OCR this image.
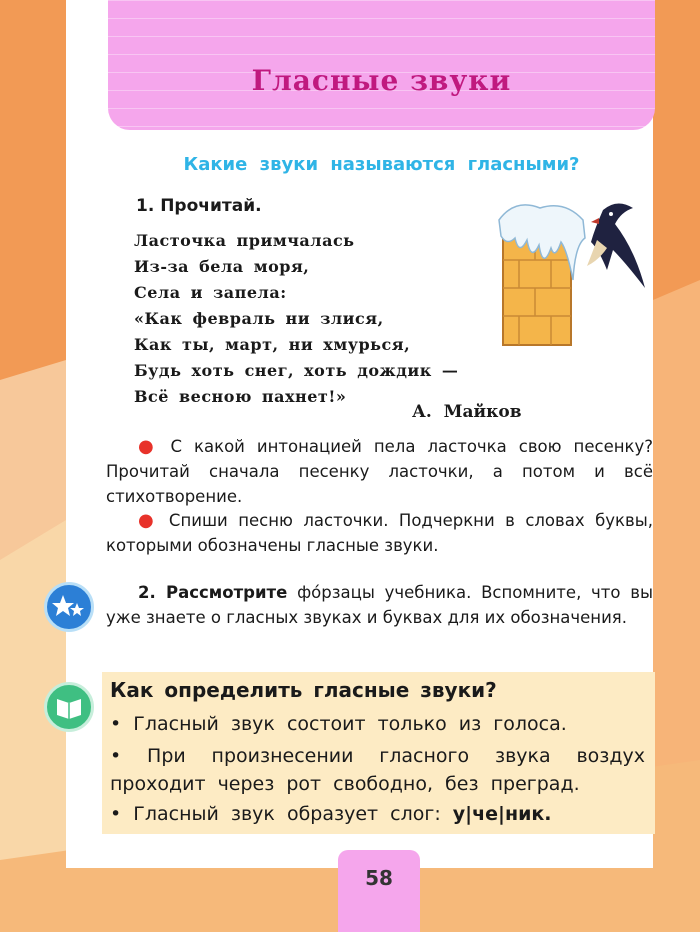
Гласные звуки
Какие звуки называются гласными?
1. Прочитай.
Ласточка примчалась
Из-за бела моря,
Села и запела:
«Как февраль ни злися,
Как ты, март, ни хмурься,
Будь хоть снег, хоть дождик —
Всё весною пахнет!»
А. Майков
● С какой интонацией пела ласточка свою песенку? Прочитай сначала песенку ласточки, а потом и всё стихотворение.
● Спиши песню ласточки. Подчеркни в словах буквы, которыми обозначены гласные звуки.
2. Рассмотрите фо́рзацы учебника. Вспомните, что вы уже знаете о гласных звуках и буквах для их обозначения.
Как определить гласные звуки?
• Гласный звук состоит только из голоса.
• При произнесении гласного звука воздух проходит через рот свободно, без преград.
• Гласный звук образует слог: у|че|ник.
58
